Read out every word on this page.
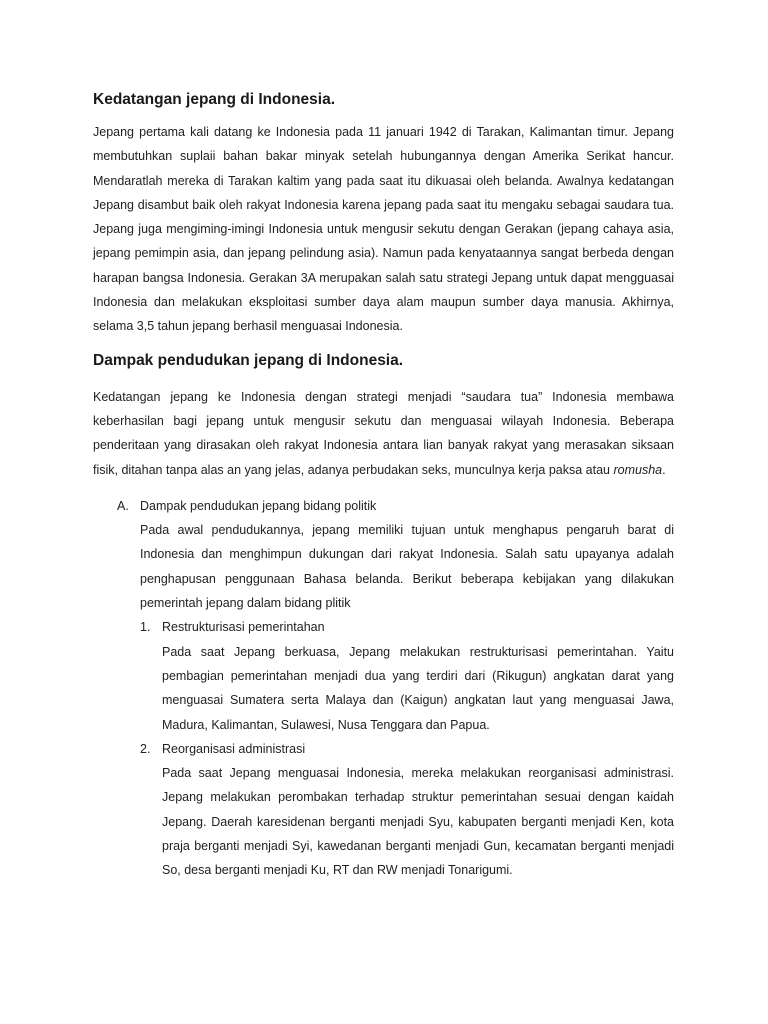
Kedatangan jepang di Indonesia.

Jepang pertama kali datang ke Indonesia pada 11 januari 1942 di Tarakan, Kalimantan timur. Jepang membutuhkan suplaii bahan bakar minyak setelah hubungannya dengan Amerika Serikat hancur. Mendaratlah mereka di Tarakan kaltim yang pada saat itu dikuasai oleh belanda. Awalnya kedatangan Jepang disambut baik oleh rakyat Indonesia karena jepang pada saat itu mengaku sebagai saudara tua. Jepang juga mengiming-imingi Indonesia untuk mengusir sekutu dengan Gerakan (jepang cahaya asia, jepang pemimpin asia, dan jepang pelindung asia). Namun pada kenyataannya sangat berbeda dengan harapan bangsa Indonesia. Gerakan 3A merupakan salah satu strategi Jepang untuk dapat mengguasai Indonesia dan melakukan eksploitasi sumber daya alam maupun sumber daya manusia. Akhirnya, selama 3,5 tahun jepang berhasil menguasai Indonesia.

Dampak pendudukan jepang di Indonesia.

Kedatangan jepang ke Indonesia dengan strategi menjadi “saudara tua” Indonesia membawa keberhasilan bagi jepang untuk mengusir sekutu dan menguasai wilayah Indonesia. Beberapa penderitaan yang dirasakan oleh rakyat Indonesia antara lian banyak rakyat yang merasakan siksaan fisik, ditahan tanpa alas an yang jelas, adanya perbudakan seks, munculnya kerja paksa atau romusha.

A. Dampak pendudukan jepang bidang politik

Pada awal pendudukannya, jepang memiliki tujuan untuk menghapus pengaruh barat di Indonesia dan menghimpun dukungan dari rakyat Indonesia. Salah satu upayanya adalah penghapusan penggunaan Bahasa belanda. Berikut beberapa kebijakan yang dilakukan pemerintah jepang dalam bidang plitik

1. Restrukturisasi pemerintahan

Pada saat Jepang berkuasa, Jepang melakukan restrukturisasi pemerintahan. Yaitu pembagian pemerintahan menjadi dua yang terdiri dari (Rikugun) angkatan darat yang menguasai Sumatera serta Malaya dan (Kaigun) angkatan laut yang menguasai Jawa, Madura, Kalimantan, Sulawesi, Nusa Tenggara dan Papua.

2. Reorganisasi administrasi

Pada saat Jepang menguasai Indonesia, mereka melakukan reorganisasi administrasi. Jepang melakukan perombakan terhadap struktur pemerintahan sesuai dengan kaidah Jepang. Daerah karesidenan berganti menjadi Syu, kabupaten berganti menjadi Ken, kota praja berganti menjadi Syi, kawedanan berganti menjadi Gun, kecamatan berganti menjadi So, desa berganti menjadi Ku, RT dan RW menjadi Tonarigumi.
